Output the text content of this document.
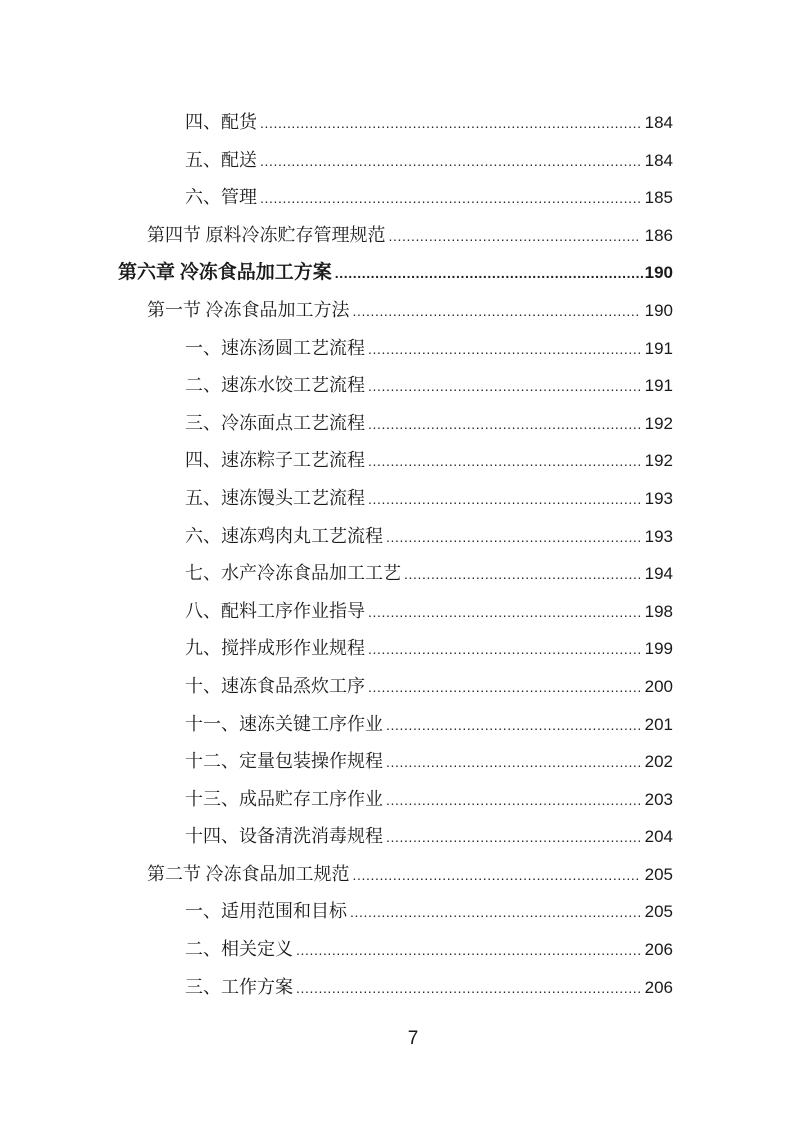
四、配货 .....	184
五、配送 .....	184
六、管理 .....	185
第四节 原料冷冻贮存管理规范 .....	186
第六章 冷冻食品加工方案 .....	190
第一节 冷冻食品加工方法 .....	190
一、速冻汤圆工艺流程 .....	191
二、速冻水饺工艺流程 .....	191
三、冷冻面点工艺流程 .....	192
四、速冻粽子工艺流程 .....	192
五、速冻馒头工艺流程 .....	193
六、速冻鸡肉丸工艺流程 .....	193
七、水产冷冻食品加工工艺 .....	194
八、配料工序作业指导 .....	198
九、搅拌成形作业规程 .....	199
十、速冻食品烝炊工序 .....	200
十一、速冻关键工序作业 .....	201
十二、定量包装操作规程 .....	202
十三、成品贮存工序作业 .....	203
十四、设备清洗消毒规程 .....	204
第二节 冷冻食品加工规范 .....	205
一、适用范围和目标 .....	205
二、相关定义 .....	206
三、工作方案 .....	206
7
